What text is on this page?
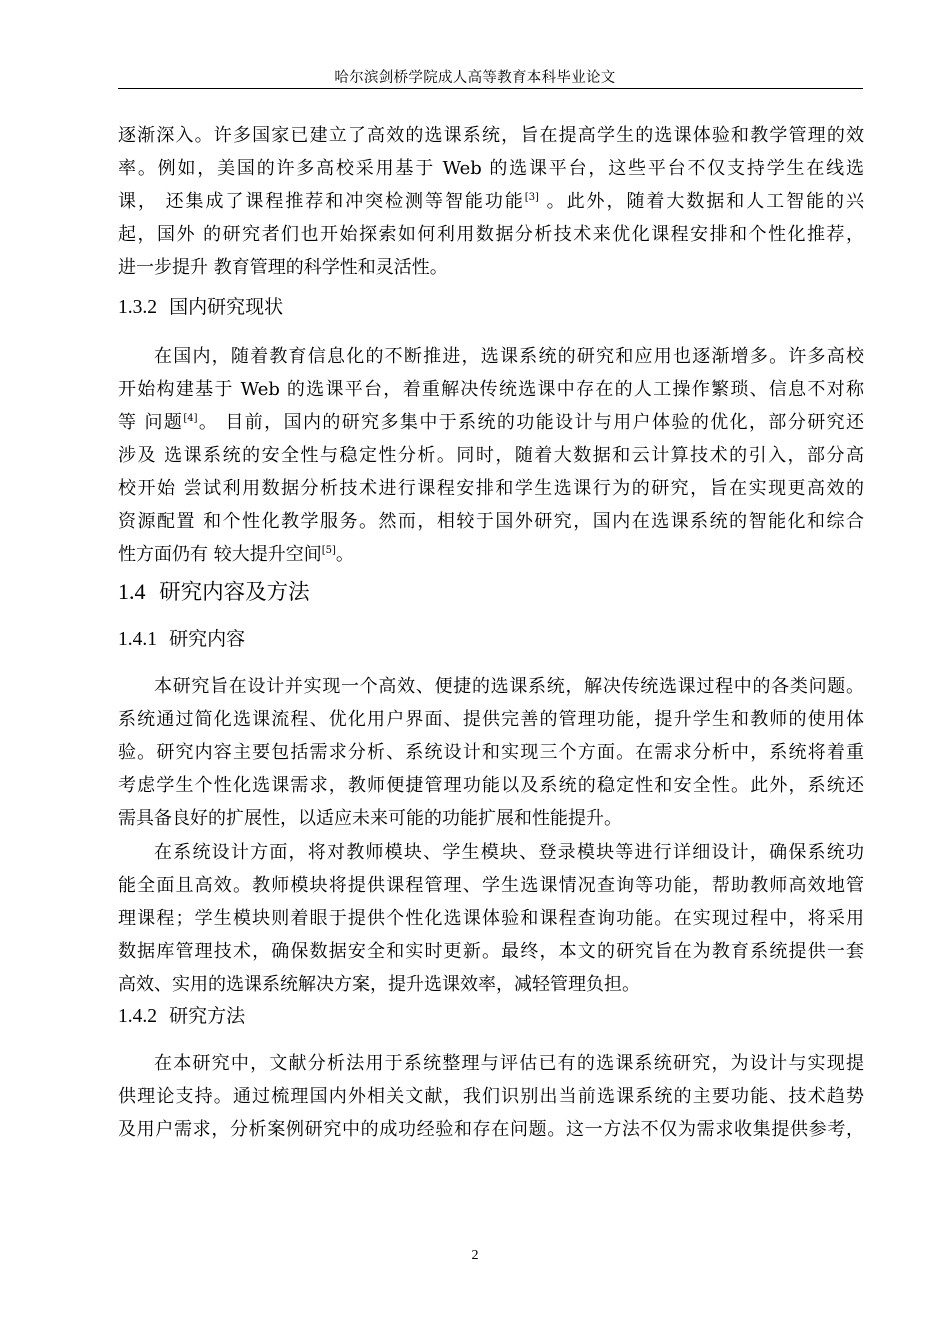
哈尔滨剑桥学院成人高等教育本科毕业论文
逐渐深入。许多国家已建立了高效的选课系统，旨在提高学生的选课体验和教学管理的效
率。例如，美国的许多高校采用基于 Web 的选课平台，这些平台不仅支持学生在线选
课， 还集成了课程推荐和冲突检测等智能功能[3] 。此外，随着大数据和人工智能的兴
起，国外 的研究者们也开始探索如何利用数据分析技术来优化课程安排和个性化推荐，
进一步提升 教育管理的科学性和灵活性。
1.3.2 国内研究现状
在国内，随着教育信息化的不断推进，选课系统的研究和应用也逐渐增多。许多高校
开始构建基于 Web 的选课平台，着重解决传统选课中存在的人工操作繁琐、信息不对称
等 问题[4]。 目前，国内的研究多集中于系统的功能设计与用户体验的优化，部分研究还
涉及 选课系统的安全性与稳定性分析。同时，随着大数据和云计算技术的引入，部分高
校开始 尝试利用数据分析技术进行课程安排和学生选课行为的研究，旨在实现更高效的
资源配置 和个性化教学服务。然而，相较于国外研究，国内在选课系统的智能化和综合
性方面仍有 较大提升空间[5]。
1.4 研究内容及方法
1.4.1 研究内容
本研究旨在设计并实现一个高效、便捷的选课系统，解决传统选课过程中的各类问题。
系统通过简化选课流程、优化用户界面、提供完善的管理功能，提升学生和教师的使用体
验。研究内容主要包括需求分析、系统设计和实现三个方面。在需求分析中，系统将着重
考虑学生个性化选课需求，教师便捷管理功能以及系统的稳定性和安全性。此外，系统还
需具备良好的扩展性，以适应未来可能的功能扩展和性能提升。
在系统设计方面，将对教师模块、学生模块、登录模块等进行详细设计，确保系统功
能全面且高效。教师模块将提供课程管理、学生选课情况查询等功能，帮助教师高效地管
理课程；学生模块则着眼于提供个性化选课体验和课程查询功能。在实现过程中，将采用
数据库管理技术，确保数据安全和实时更新。最终，本文的研究旨在为教育系统提供一套
高效、实用的选课系统解决方案，提升选课效率，减轻管理负担。
1.4.2 研究方法
在本研究中，文献分析法用于系统整理与评估已有的选课系统研究，为设计与实现提
供理论支持。通过梳理国内外相关文献，我们识别出当前选课系统的主要功能、技术趋势
及用户需求，分析案例研究中的成功经验和存在问题。这一方法不仅为需求收集提供参考，
2
